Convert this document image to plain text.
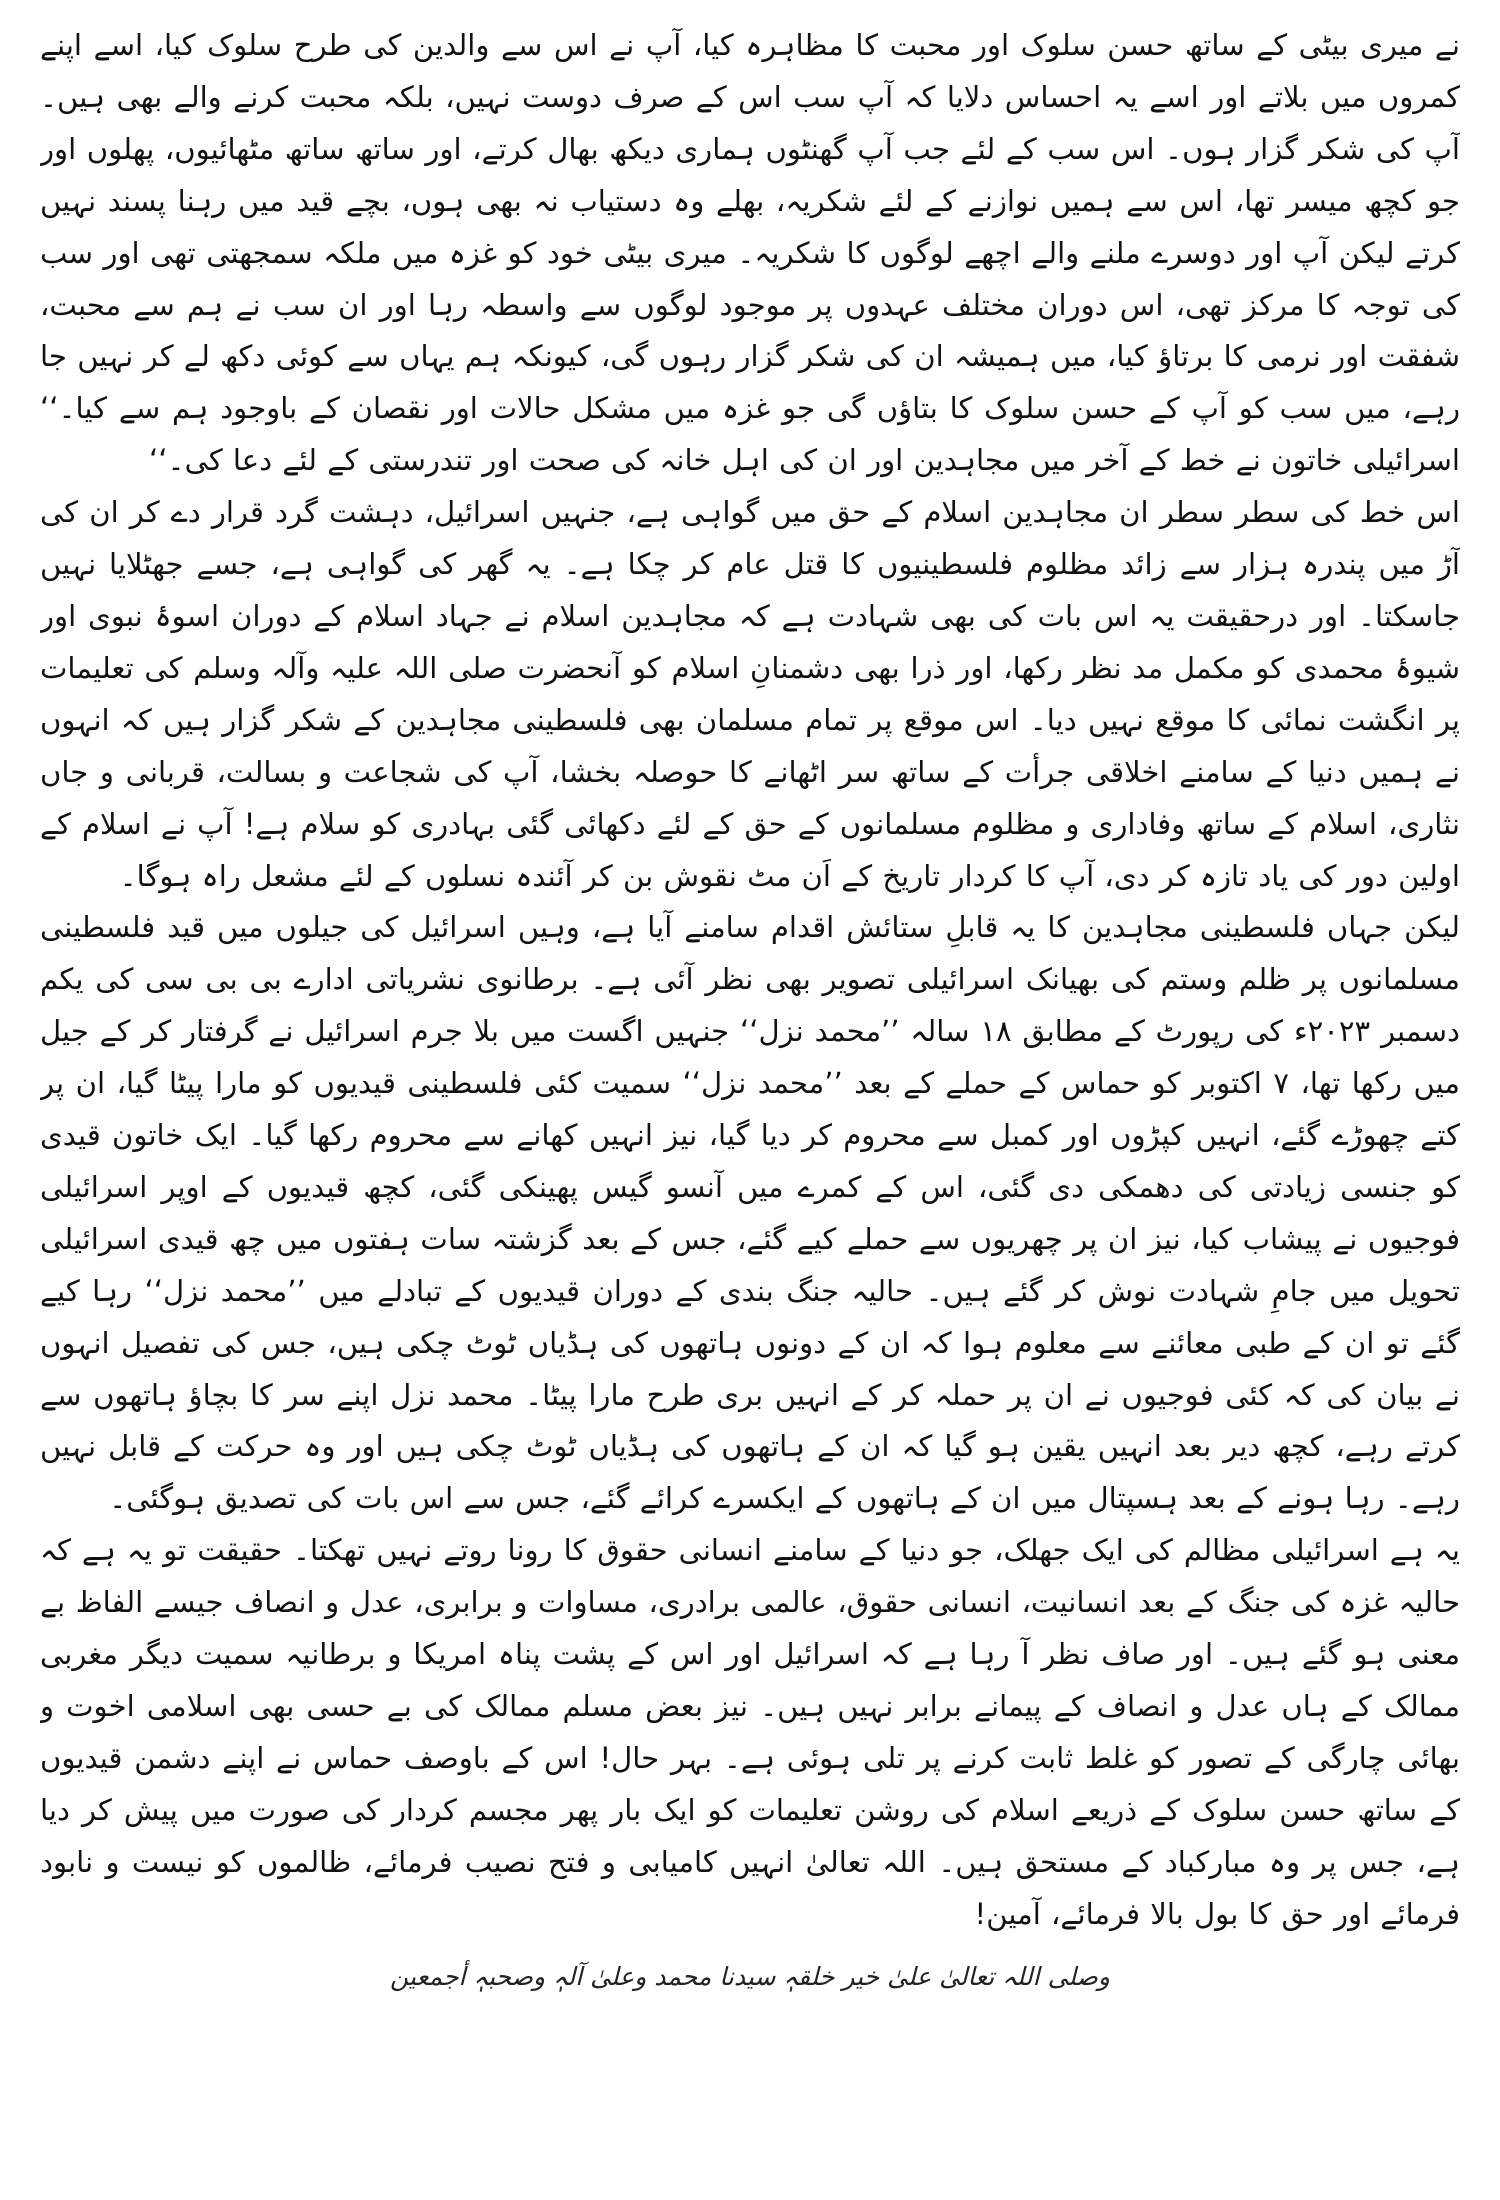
نے میری بیٹی کے ساتھ حسن سلوک اور محبت کا مظاہرہ کیا، آپ نے اس سے والدین کی طرح سلوک کیا، اسے اپنے کمروں میں بلاتے اور اسے یہ احساس دلایا کہ آپ سب اس کے صرف دوست نہیں، بلکہ محبت کرنے والے بھی ہیں۔ آپ کی شکر گزار ہوں۔ اس سب کے لئے جب آپ گھنٹوں ہماری دیکھ بھال کرتے، اور ساتھ ساتھ مٹھائیوں، پھلوں اور جو کچھ میسر تھا، اس سے ہمیں نوازنے کے لئے شکریہ، بھلے وہ دستیاب نہ بھی ہوں، بچے قید میں رہنا پسند نہیں کرتے لیکن آپ اور دوسرے ملنے والے اچھے لوگوں کا شکریہ۔ میری بیٹی خود کو غزہ میں ملکہ سمجھتی تھی اور سب کی توجہ کا مرکز تھی، اس دوران مختلف عہدوں پر موجود لوگوں سے واسطہ رہا اور ان سب نے ہم سے محبت، شفقت اور نرمی کا برتاؤ کیا، میں ہمیشہ ان کی شکر گزار رہوں گی، کیونکہ ہم یہاں سے کوئی دکھ لے کر نہیں جا رہے، میں سب کو آپ کے حسن سلوک کا بتاؤں گی جو غزہ میں مشکل حالات اور نقصان کے باوجود ہم سے کیا۔‘‘ اسرائیلی خاتون نے خط کے آخر میں مجاہدین اور ان کی اہل خانہ کی صحت اور تندرستی کے لئے دعا کی۔‘‘

اس خط کی سطر سطر ان مجاہدین اسلام کے حق میں گواہی ہے، جنہیں اسرائیل، دہشت گرد قرار دے کر ان کی آڑ میں پندرہ ہزار سے زائد مظلوم فلسطینیوں کا قتل عام کر چکا ہے۔ یہ گھر کی گواہی ہے، جسے جھٹلایا نہیں جاسکتا۔ اور درحقیقت یہ اس بات کی بھی شہادت ہے کہ مجاہدین اسلام نے جہاد اسلام کے دوران اسوۂ نبوی اور شیوۂ محمدی کو مکمل مد نظر رکھا، اور ذرا بھی دشمنانِ اسلام کو آنحضرت صلی اللہ علیہ وآلہ وسلم کی تعلیمات پر انگشت نمائی کا موقع نہیں دیا۔ اس موقع پر تمام مسلمان بھی فلسطینی مجاہدین کے شکر گزار ہیں کہ انہوں نے ہمیں دنیا کے سامنے اخلاقی جرأت کے ساتھ سر اٹھانے کا حوصلہ بخشا، آپ کی شجاعت و بسالت، قربانی و جاں نثاری، اسلام کے ساتھ وفاداری و مظلوم مسلمانوں کے حق کے لئے دکھائی گئی بہادری کو سلام ہے! آپ نے اسلام کے اولین دور کی یاد تازہ کر دی، آپ کا کردار تاریخ کے اَن مٹ نقوش بن کر آئندہ نسلوں کے لئے مشعل راہ ہوگا۔

لیکن جہاں فلسطینی مجاہدین کا یہ قابلِ ستائش اقدام سامنے آیا ہے، وہیں اسرائیل کی جیلوں میں قید فلسطینی مسلمانوں پر ظلم وستم کی بھیانک اسرائیلی تصویر بھی نظر آئی ہے۔ برطانوی نشریاتی ادارے بی بی سی کی یکم دسمبر ۲۰۲۳ء کی رپورٹ کے مطابق ۱۸ سالہ ’’محمد نزل‘‘ جنہیں اگست میں بلا جرم اسرائیل نے گرفتار کر کے جیل میں رکھا تھا، ۷ اکتوبر کو حماس کے حملے کے بعد ’’محمد نزل‘‘ سمیت کئی فلسطینی قیدیوں کو مارا پیٹا گیا، ان پر کتے چھوڑے گئے، انہیں کپڑوں اور کمبل سے محروم کر دیا گیا، نیز انہیں کھانے سے محروم رکھا گیا۔ ایک خاتون قیدی کو جنسی زیادتی کی دھمکی دی گئی، اس کے کمرے میں آنسو گیس پھینکی گئی، کچھ قیدیوں کے اوپر اسرائیلی فوجیوں نے پیشاب کیا، نیز ان پر چھریوں سے حملے کیے گئے، جس کے بعد گزشتہ سات ہفتوں میں چھ قیدی اسرائیلی تحویل میں جامِ شہادت نوش کر گئے ہیں۔ حالیہ جنگ بندی کے دوران قیدیوں کے تبادلے میں ’’محمد نزل‘‘ رہا کیے گئے تو ان کے طبی معائنے سے معلوم ہوا کہ ان کے دونوں ہاتھوں کی ہڈیاں ٹوٹ چکی ہیں، جس کی تفصیل انہوں نے بیان کی کہ کئی فوجیوں نے ان پر حملہ کر کے انہیں بری طرح مارا پیٹا۔ محمد نزل اپنے سر کا بچاؤ ہاتھوں سے کرتے رہے، کچھ دیر بعد انہیں یقین ہو گیا کہ ان کے ہاتھوں کی ہڈیاں ٹوٹ چکی ہیں اور وہ حرکت کے قابل نہیں رہے۔ رہا ہونے کے بعد ہسپتال میں ان کے ہاتھوں کے ایکسرے کرائے گئے، جس سے اس بات کی تصدیق ہوگئی۔

یہ ہے اسرائیلی مظالم کی ایک جھلک، جو دنیا کے سامنے انسانی حقوق کا رونا روتے نہیں تھکتا۔ حقیقت تو یہ ہے کہ حالیہ غزہ کی جنگ کے بعد انسانیت، انسانی حقوق، عالمی برادری، مساوات و برابری، عدل و انصاف جیسے الفاظ بے معنی ہو گئے ہیں۔ اور صاف نظر آ رہا ہے کہ اسرائیل اور اس کے پشت پناہ امریکا و برطانیہ سمیت دیگر مغربی ممالک کے ہاں عدل و انصاف کے پیمانے برابر نہیں ہیں۔ نیز بعض مسلم ممالک کی بے حسی بھی اسلامی اخوت و بھائی چارگی کے تصور کو غلط ثابت کرنے پر تلی ہوئی ہے۔ بہر حال! اس کے باوصف حماس نے اپنے دشمن قیدیوں کے ساتھ حسن سلوک کے ذریعے اسلام کی روشن تعلیمات کو ایک بار پھر مجسم کردار کی صورت میں پیش کر دیا ہے، جس پر وہ مبارکباد کے مستحق ہیں۔ اللہ تعالیٰ انہیں کامیابی و فتح نصیب فرمائے، ظالموں کو نیست و نابود فرمائے اور حق کا بول بالا فرمائے، آمین!

وصلی اللہ تعالیٰ علیٰ خیر خلقہٖ سیدنا محمد وعلیٰ آلہٖ وصحبہٖ أجمعین
